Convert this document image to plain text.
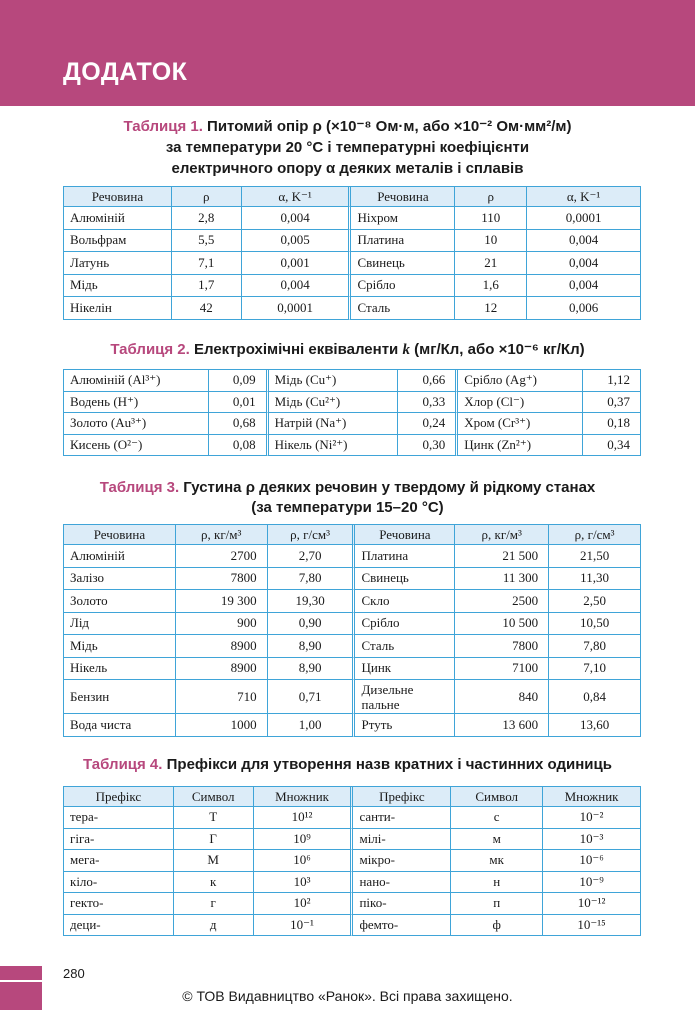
ДОДАТОК
Таблиця 1. Питомий опір ρ (×10⁻⁸ Ом·м, або ×10⁻² Ом·мм²/м)
за температури 20 °C і температурні коефіцієнти
електричного опору α деяких металів і сплавів
Речовина	ρ	α, K⁻¹	Речовина	ρ	α, K⁻¹
Алюміній	2,8	0,004	Ніхром	110	0,0001
Вольфрам	5,5	0,005	Платина	10	0,004
Латунь	7,1	0,001	Свинець	21	0,004
Мідь	1,7	0,004	Срібло	1,6	0,004
Нікелін	42	0,0001	Сталь	12	0,006
Таблиця 2. Електрохімічні еквіваленти k (мг/Кл, або ×10⁻⁶ кг/Кл)
Алюміній (Al³⁺)	0,09	Мідь (Cu⁺)	0,66	Срібло (Ag⁺)	1,12
Водень (H⁺)	0,01	Мідь (Cu²⁺)	0,33	Хлор (Cl⁻)	0,37
Золото (Au³⁺)	0,68	Натрій (Na⁺)	0,24	Хром (Cr³⁺)	0,18
Кисень (O²⁻)	0,08	Нікель (Ni²⁺)	0,30	Цинк (Zn²⁺)	0,34
Таблиця 3. Густина ρ деяких речовин у твердому й рідкому станах
(за температури 15–20 °C)
Речовина	ρ, кг/м³	ρ, г/см³	Речовина	ρ, кг/м³	ρ, г/см³
Алюміній	2700	2,70	Платина	21 500	21,50
Залізо	7800	7,80	Свинець	11 300	11,30
Золото	19 300	19,30	Скло	2500	2,50
Лід	900	0,90	Срібло	10 500	10,50
Мідь	8900	8,90	Сталь	7800	7,80
Нікель	8900	8,90	Цинк	7100	7,10
Бензин	710	0,71	Дизельне пальне	840	0,84
Вода чиста	1000	1,00	Ртуть	13 600	13,60
Таблиця 4. Префікси для утворення назв кратних і частинних одиниць
Префікс	Символ	Множник	Префікс	Символ	Множник
тера-	Т	10¹²	санти-	с	10⁻²
гіга-	Г	10⁹	мілі-	м	10⁻³
мега-	М	10⁶	мікро-	мк	10⁻⁶
кіло-	к	10³	нано-	н	10⁻⁹
гекто-	г	10²	піко-	п	10⁻¹²
деци-	д	10⁻¹	фемто-	ф	10⁻¹⁵
280
© ТОВ Видавництво «Ранок». Всі права захищено.
